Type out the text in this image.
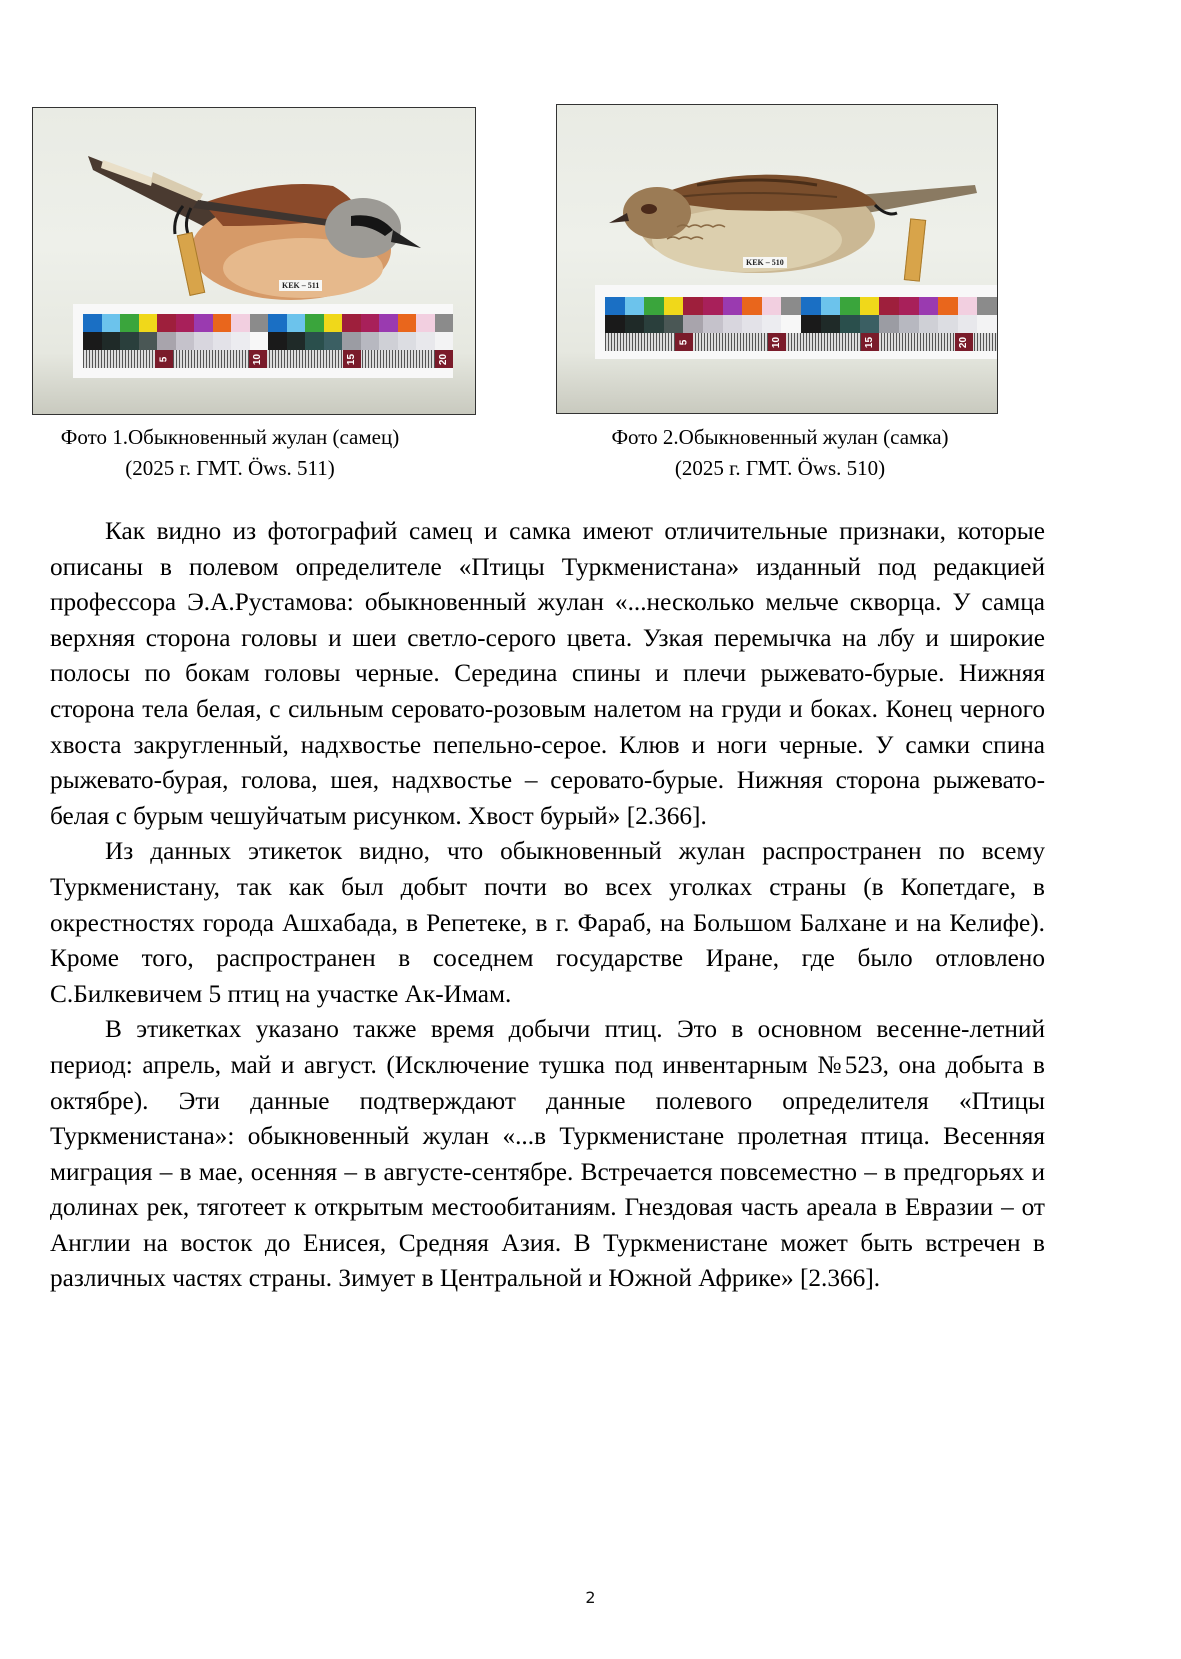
KEK – 511
5	10	15	20
KEK – 510
5	10	15	20
Фото 1.Обыкновенный жулан (самец)
(2025 г. ГМТ. Öws. 511)
Фото 2.Обыкновенный жулан (самка)
(2025 г. ГМТ. Öws. 510)

Как видно из фотографий самец и самка имеют отличительные признаки, которые описаны в полевом определителе «Птицы Туркменистана» изданный под редакцией профессора Э.А.Рустамова: обыкновенный жулан «...несколько мельче скворца. У самца верхняя сторона головы и шеи светло-серого цвета. Узкая перемычка на лбу и широкие полосы по бокам головы черные. Середина спины и плечи рыжевато-бурые. Нижняя сторона тела белая, с сильным серовато-розовым налетом на груди и боках. Конец черного хвоста закругленный, надхвостье пепельно-серое. Клюв и ноги черные. У самки спина рыжевато-бурая, голова, шея, надхвостье – серовато-бурые. Нижняя сторона рыжевато-белая с бурым чешуйчатым рисунком. Хвост бурый» [2.366].

Из данных этикеток видно, что обыкновенный жулан распространен по всему Туркменистану, так как был добыт почти во всех уголках страны (в Копетдаге, в окрестностях города Ашхабада, в Репетеке, в г. Фараб, на Большом Балхане и на Келифе). Кроме того, распространен в соседнем государстве Иране, где было отловлено С.Билкевичем 5 птиц на участке Ак-Имам.

В этикетках указано также время добычи птиц. Это в основном весенне-летний период: апрель, май и август. (Исключение тушка под инвентарным №523, она добыта в октябре). Эти данные подтверждают данные полевого определителя «Птицы Туркменистана»: обыкновенный жулан «...в Туркменистане пролетная птица. Весенняя миграция – в мае, осенняя – в августе-сентябре. Встречается повсеместно – в предгорьях и долинах рек, тяготеет к открытым местообитаниям. Гнездовая часть ареала в Евразии – от Англии на восток до Енисея, Средняя Азия. В Туркменистане может быть встречен в различных частях страны. Зимует в Центральной и Южной Африке» [2.366].

2
